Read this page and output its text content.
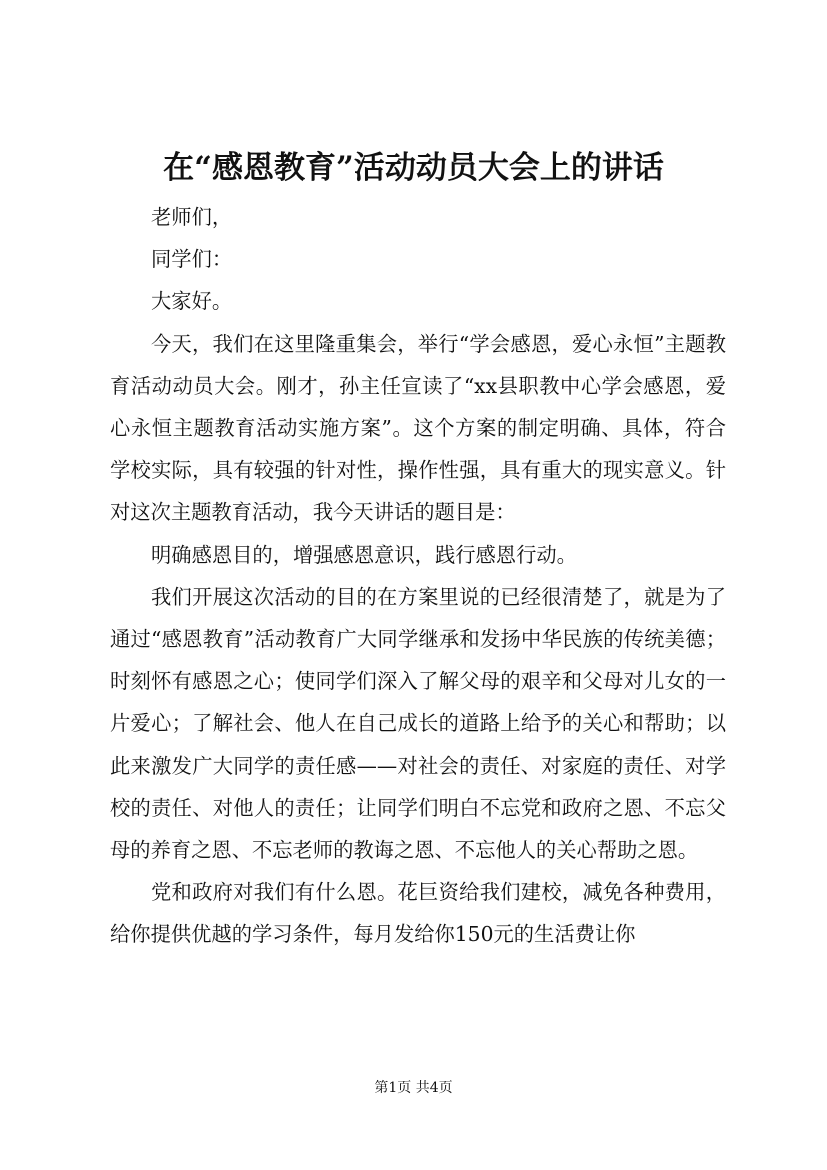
在“感恩教育”活动动员大会上的讲话

老师们，

同学们：

大家好。

今天，我们在这里隆重集会，举行“学会感恩，爱心永恒”主题教育活动动员大会。刚才，孙主任宣读了“xx县职教中心学会感恩，爱心永恒主题教育活动实施方案”。这个方案的制定明确、具体，符合学校实际，具有较强的针对性，操作性强，具有重大的现实意义。针对这次主题教育活动，我今天讲话的题目是：

明确感恩目的，增强感恩意识，践行感恩行动。

我们开展这次活动的目的在方案里说的已经很清楚了，就是为了通过“感恩教育”活动教育广大同学继承和发扬中华民族的传统美德；时刻怀有感恩之心；使同学们深入了解父母的艰辛和父母对儿女的一片爱心；了解社会、他人在自己成长的道路上给予的关心和帮助；以此来激发广大同学的责任感——对社会的责任、对家庭的责任、对学校的责任、对他人的责任；让同学们明白不忘党和政府之恩、不忘父母的养育之恩、不忘老师的教诲之恩、不忘他人的关心帮助之恩。

党和政府对我们有什么恩。花巨资给我们建校，减免各种费用，给你提供优越的学习条件，每月发给你150元的生活费让你

第1页 共4页
